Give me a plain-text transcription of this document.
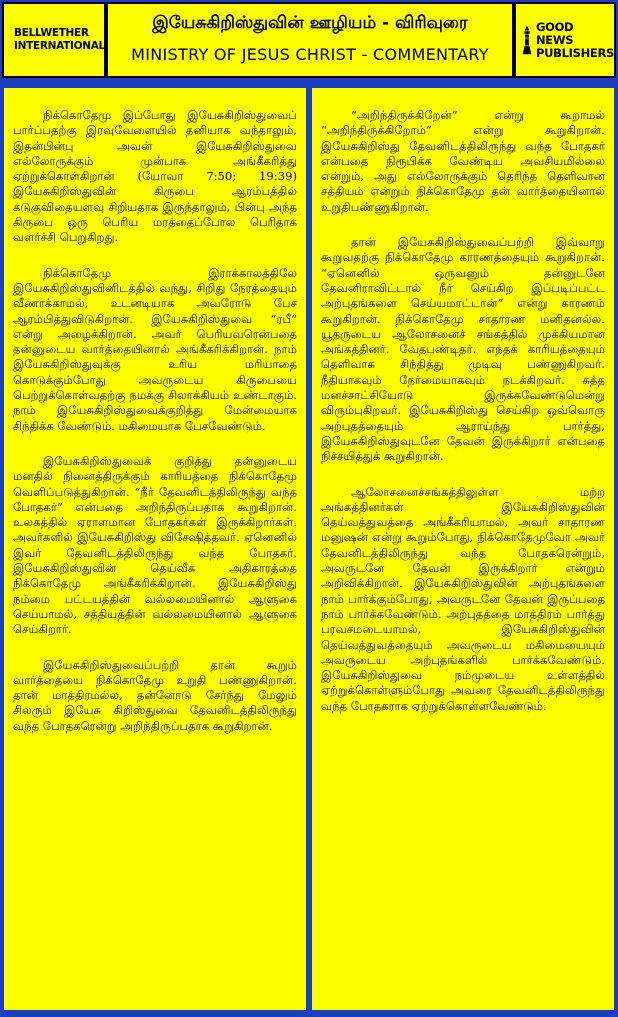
BELLWETHER
INTERNATIONAL
இயேசுகிறிஸ்துவின் ஊழியம் - விரிவுரை
MINISTRY OF JESUS CHRIST - COMMENTARY
GOOD NEWS
PUBLISHERS

நிக்கொதேமு இப்போது இயேசுகிறிஸ்துவைப் பார்ப்பதற்கு இரவுவேளையில் தனியாக வந்தாலும், இதன்பின்பு அவன் இயேசுகிறிஸ்துவை எல்லோருக்கும் முன்பாக அங்கீகரித்து ஏற்றுக்கொள்கிறான் (யோவா 7:50; 19:39) இயேசுகிறிஸ்துவின் கிருபை ஆரம்பத்தில் கடுகுவிதையளவு சிறியதாக இருந்தாலும், பின்பு அந்த கிருபை ஒரு பெரிய மரத்தைப்போல பெரிதாக வளர்ச்சி பெறுகிறது.

நிக்கொதேமு இராக்காலத்திலே இயேசுகிறிஸ்துவினிடத்தில் வந்து, சிறிது நேரத்தையும் வீணாக்காமல், உடனடியாக அவரோடு பேச ஆரம்பித்துவிடுகிறான். இயேசுகிறிஸ்துவை “ரபீ” என்று அழைக்கிறான். அவர் பெரியவரென்பதை தன்னுடைய வார்த்தையினால் அங்கீகரிக்கிறான். நாம் இயேசுகிறிஸ்துவுக்கு உரிய மரியாதை கொடுக்கும்போது அவருடைய கிருபையை பெற்றுக்கொள்வதற்கு நமக்கு சிலாக்கியம் உண்டாகும். நாம் இயேசுகிறிஸ்துவைக்குறித்து மேன்மையாக சிந்திக்க வேண்டும். மகிமையாக பேசவேண்டும்.

இயேசுகிறிஸ்துவைக் குறித்து தன்னுடைய மனதில் நினைத்திருக்கும் காரியத்தை நிக்கொதேமு வெளிப்படுத்துகிறான். “நீர் தேவனிடத்திலிருந்து வந்த போதகர்” என்பதை அறிந்திருப்பதாக கூறுகிறான். உலகத்தில் ஏராளமான போதகர்கள் இருக்கிறார்கள். அவர்களில் இயேசுகிறிஸ்து விசேஷித்தவர். ஏனெனில் இவர் தேவனிடத்திலிருந்து வந்த போதகர். இயேசுகிறிஸ்துவின் தெய்வீக அதிகாரத்தை நிக்கொதேமு அங்கீகரிக்கிறான். இயேசுகிறிஸ்து நம்மை பட்டயத்தின் வல்லமையினால் ஆளுகை செய்யாமல், சத்தியத்தின் வல்லமையினால் ஆளுகை செய்கிறார்.

இயேசுகிறிஸ்துவைப்பற்றி தான் கூறும் வார்த்தையை நிக்கொதேமு உறுதி பண்ணுகிறான். தான் மாத்திரமல்ல, தன்னோடு சேர்ந்து மேலும் சிலரும் இயேசு கிறிஸ்துவை தேவனிடத்திலிருந்து வந்த போதகரென்று அறிந்திருப்பதாக கூறுகிறான்.

“அறிந்திருக்கிறேன்” என்று கூறாமல் “அறிந்திருக்கிறோம்” என்று கூறுகிறான். இயேசுகிறிஸ்து தேவனிடத்திலிருந்து வந்த போதகர் என்பதை நிரூபிக்க வேண்டிய அவசியமில்லை என்றும், அது எல்லோருக்கும் தெரிந்த தெளிவான சத்தியம் என்றும் நிக்கொதேமு தன் வார்த்தையினால் உறுதிபண்ணுகிறான்.

தான் இயேசுகிறிஸ்துவைப்பற்றி இவ்வாறு கூறுவதற்கு நிக்கொதேமு காரணத்தையும் கூறுகிறான். “ஏனெனில் ஒருவனும் தன்னுடனே தேவனிராவிட்டால் நீர் செய்கிற இப்படிப்பட்ட அற்புதங்களை செய்யமாட்டான்” என்று காரணம் கூறுகிறான். நிக்கொதேமு சாதாரண மனிதனல்ல. யூதருடைய ஆலோசனைச் சங்கத்தில் முக்கியமான அங்கத்தினர். வேதபண்டிதர். எந்தக் காரியத்தையும் தெளிவாக சிந்தித்து முடிவு பண்ணுகிறவர். நீதியாகவும் நேர்மையாகவும் நடக்கிறவர். சுத்த மனச்சாட்சியோடு இருக்கவேண்டுமென்று விரும்புகிறவர். இயேசுகிறிஸ்து செய்கிற ஒவ்வொரு அற்புதத்தையும் ஆராய்ந்து பார்த்து, இயேசுகிறிஸ்துவுடனே தேவன் இருக்கிறார் என்பதை நிச்சயித்துக் கூறுகிறான்.

ஆலோசனைச்சங்கத்திலுள்ள மற்ற அங்கத்தினர்கள் இயேசுகிறிஸ்துவின் தெய்வத்துவத்தை அங்கீகரியாமல், அவர் சாதாரண மனுஷன் என்று கூறும்போது, நிக்கொதேமுவோ அவர் தேவனிடத்திலிருந்து வந்த போதகரென்றும், அவருடனே தேவன் இருக்கிறார் என்றும் அறிவிக்கிறான். இயேசுகிறிஸ்துவின் அற்புதங்களை நாம் பார்க்கும்போது, அவருடனே தேவன் இருப்பதை நாம் பார்க்கவேண்டும். அற்புதத்தை மாத்திரம் பார்த்து பரவசமடையாமல், இயேசுகிறிஸ்துவின் தெய்வத்துவத்தையும் அவருடைய மகிமையையும் அவருடைய அற்புதங்களில் பார்க்கவேண்டும். இயேசுகிறிஸ்துவை நம்முடைய உள்ளத்தில் ஏற்றுக்கொள்ளும்போது அவரை தேவனிடத்திலிருந்து வந்த போதகராக ஏற்றுக்கொள்ளவேண்டும்.
